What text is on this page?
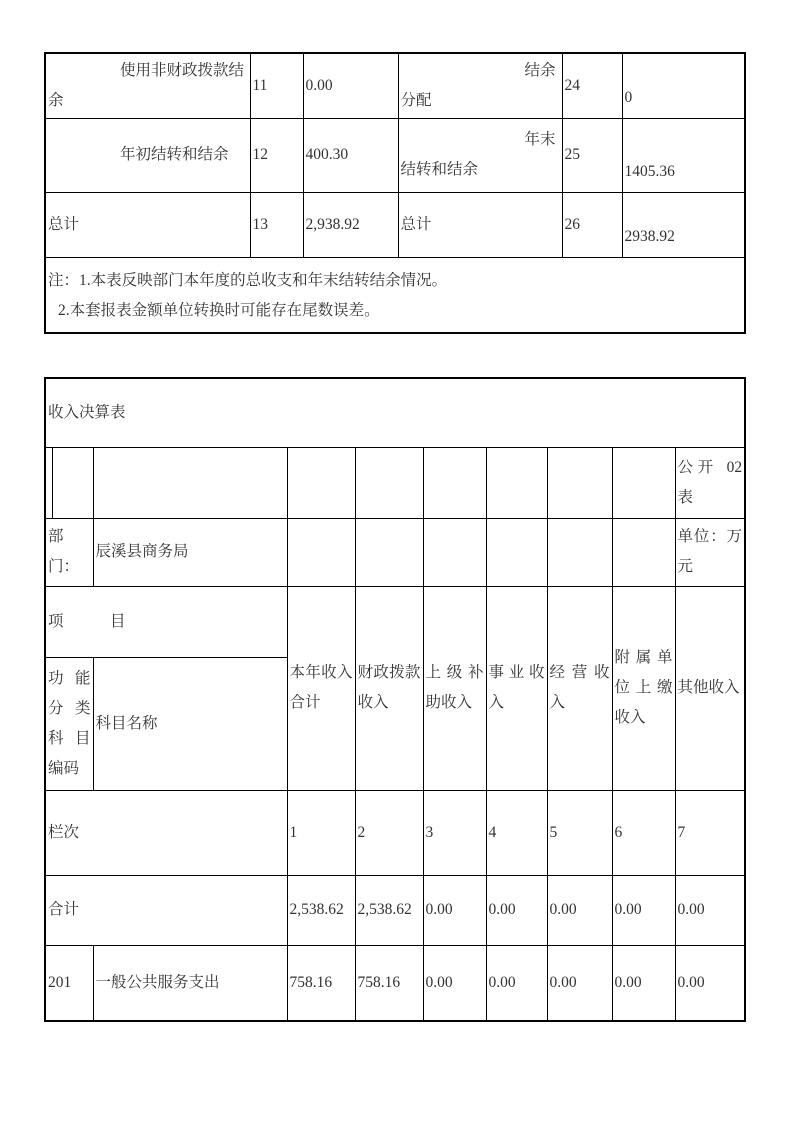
使用非财政拨款结余	11	0.00	结余分配	24	0
年初结转和结余	12	400.30	年末结转和结余	25	1405.36
总计	13	2,938.92	总计	26	2938.92

注：1.本表反映部门本年度的总收支和年末结转结余情况。
2.本套报表金额单位转换时可能存在尾数误差。					
收入决算表									
									公开 02 表
部门：		辰溪县商务局							单位：万元
项　　　目			本年收入合计	财政拨款收入	上级补助收入	事业收入	经营收入	附属单位上缴收入	其他收入
功能分类科目编码		科目名称							
栏次			1	2	3	4	5	6	7
合计			2,538.62	2,538.62	0.00	0.00	0.00	0.00	0.00
201		一般公共服务支出	758.16	758.16	0.00	0.00	0.00	0.00	0.00
